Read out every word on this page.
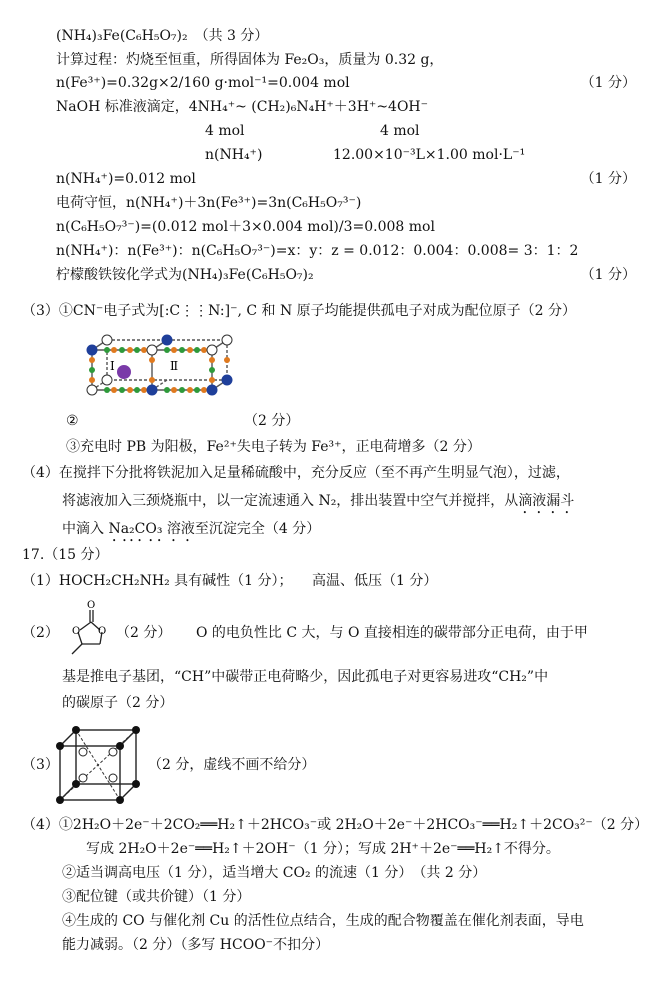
(NH₄)₃Fe(C₆H₅O₇)₂　（共 3 分）
计算过程：灼烧至恒重，所得固体为 Fe₂O₃，质量为 0.32 g，
n(Fe³⁺)=0.32g×2/160 g·mol⁻¹=0.004 mol	（1 分）
NaOH 标准液滴定，4NH₄⁺~ (CH₂)₆N₄H⁺＋3H⁺~4OH⁻
4 mol	4 mol
n(NH₄⁺)	12.00×10⁻³L×1.00 mol·L⁻¹
n(NH₄⁺)=0.012 mol	（1 分）
电荷守恒，n(NH₄⁺)＋3n(Fe³⁺)=3n(C₆H₅O₇³⁻)
n(C₆H₅O₇³⁻)=(0.012 mol＋3×0.004 mol)/3=0.008 mol
n(NH₄⁺)：n(Fe³⁺)：n(C₆H₅O₇³⁻)=x：y：z = 0.012：0.004：0.008= 3：1：2
柠檬酸铁铵化学式为(NH₄)₃Fe(C₆H₅O₇)₂	（1 分）
（3）①CN⁻电子式为[:C⋮⋮N:]⁻, C 和 N 原子均能提供孤电子对成为配位原子（2 分）
Ⅰ	Ⅱ
②	（2 分）
③充电时 PB 为阳极，Fe²⁺失电子转为 Fe³⁺，正电荷增多（2 分）
（4）在搅拌下分批将铁泥加入足量稀硫酸中，充分反应（至不再产生明显气泡），过滤，
将滤液加入三颈烧瓶中，以一定流速通入 N₂，排出装置中空气并搅拌，从滴液漏斗
中滴入 Na₂CO₃ 溶液至沉淀完全（4 分）
17.（15 分）
（1）HOCH₂CH₂NH₂ 具有碱性（1 分）； 高温、低压（1 分）
（2）
O
O
O	（2 分） O 的电负性比 C 大，与 O 直接相连的碳带部分正电荷，由于甲
基是推电子基团，“CH”中碳带正电荷略少，因此孤电子对更容易进攻“CH₂”中
的碳原子（2 分）
（3）	（2 分，虚线不画不给分）
（4）①2H₂O＋2e⁻＋2CO₂══H₂↑＋2HCO₃⁻或 2H₂O＋2e⁻＋2HCO₃⁻══H₂↑＋2CO₃²⁻（2 分）
写成 2H₂O＋2e⁻══H₂↑＋2OH⁻（1 分）；写成 2H⁺＋2e⁻══H₂↑不得分。
②适当调高电压（1 分），适当增大 CO₂ 的流速（1 分）　（共 2 分）
③配位键（或共价键）（1 分）
④生成的 CO 与催化剂 Cu 的活性位点结合，生成的配合物覆盖在催化剂表面，导电
能力减弱。（2 分）（多写 HCOO⁻不扣分）
